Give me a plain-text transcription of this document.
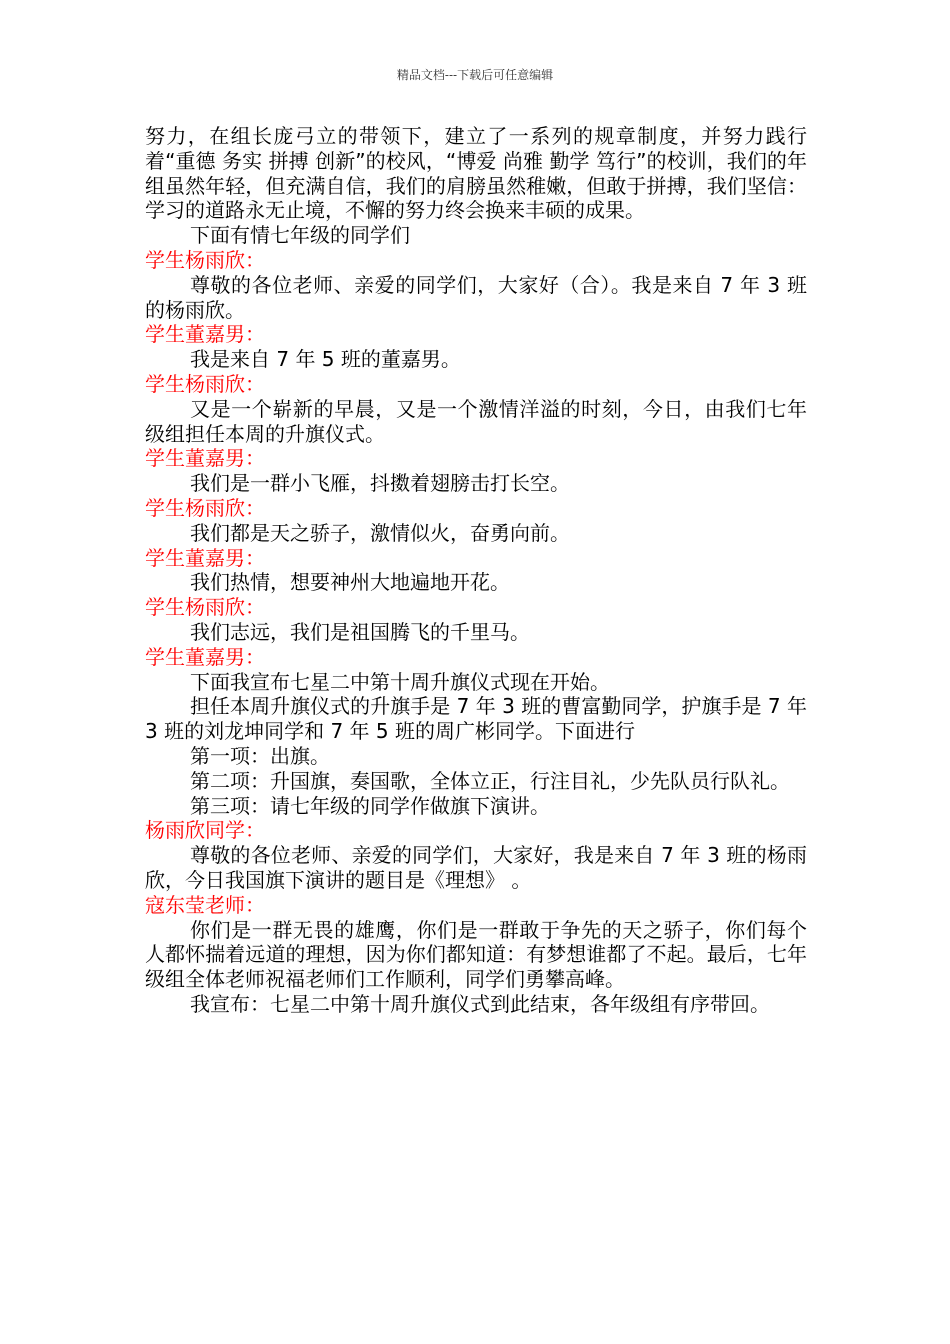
精品文档---下载后可任意编辑

努力，在组长庞弓立的带领下，建立了一系列的规章制度，并努力践行着“重德 务实 拼搏 创新”的校风，“博爱 尚雅 勤学 笃行”的校训，我们的年组虽然年轻，但充满自信，我们的肩膀虽然稚嫩，但敢于拼搏，我们坚信：学习的道路永无止境，不懈的努力终会换来丰硕的成果。

下面有情七年级的同学们

学生杨雨欣：

尊敬的各位老师、亲爱的同学们，大家好（合）。我是来自 7 年 3 班的杨雨欣。

学生董嘉男：

我是来自 7 年 5 班的董嘉男。

学生杨雨欣：

又是一个崭新的早晨，又是一个激情洋溢的时刻，今日，由我们七年级组担任本周的升旗仪式。

学生董嘉男：

我们是一群小飞雁，抖擞着翅膀击打长空。

学生杨雨欣：

我们都是天之骄子，激情似火，奋勇向前。

学生董嘉男：

我们热情，想要神州大地遍地开花。

学生杨雨欣：

我们志远，我们是祖国腾飞的千里马。

学生董嘉男：

下面我宣布七星二中第十周升旗仪式现在开始。

担任本周升旗仪式的升旗手是 7 年 3 班的曹富勤同学，护旗手是 7 年 3 班的刘龙坤同学和 7 年 5 班的周广彬同学。下面进行

第一项：出旗。

第二项：升国旗，奏国歌，全体立正，行注目礼，少先队员行队礼。

第三项：请七年级的同学作做旗下演讲。

杨雨欣同学：

尊敬的各位老师、亲爱的同学们，大家好，我是来自 7 年 3 班的杨雨欣，今日我国旗下演讲的题目是《理想》 。

寇东莹老师：

你们是一群无畏的雄鹰，你们是一群敢于争先的天之骄子，你们每个人都怀揣着远道的理想，因为你们都知道：有梦想谁都了不起。最后，七年级组全体老师祝福老师们工作顺利，同学们勇攀高峰。

我宣布：七星二中第十周升旗仪式到此结束，各年级组有序带回。
